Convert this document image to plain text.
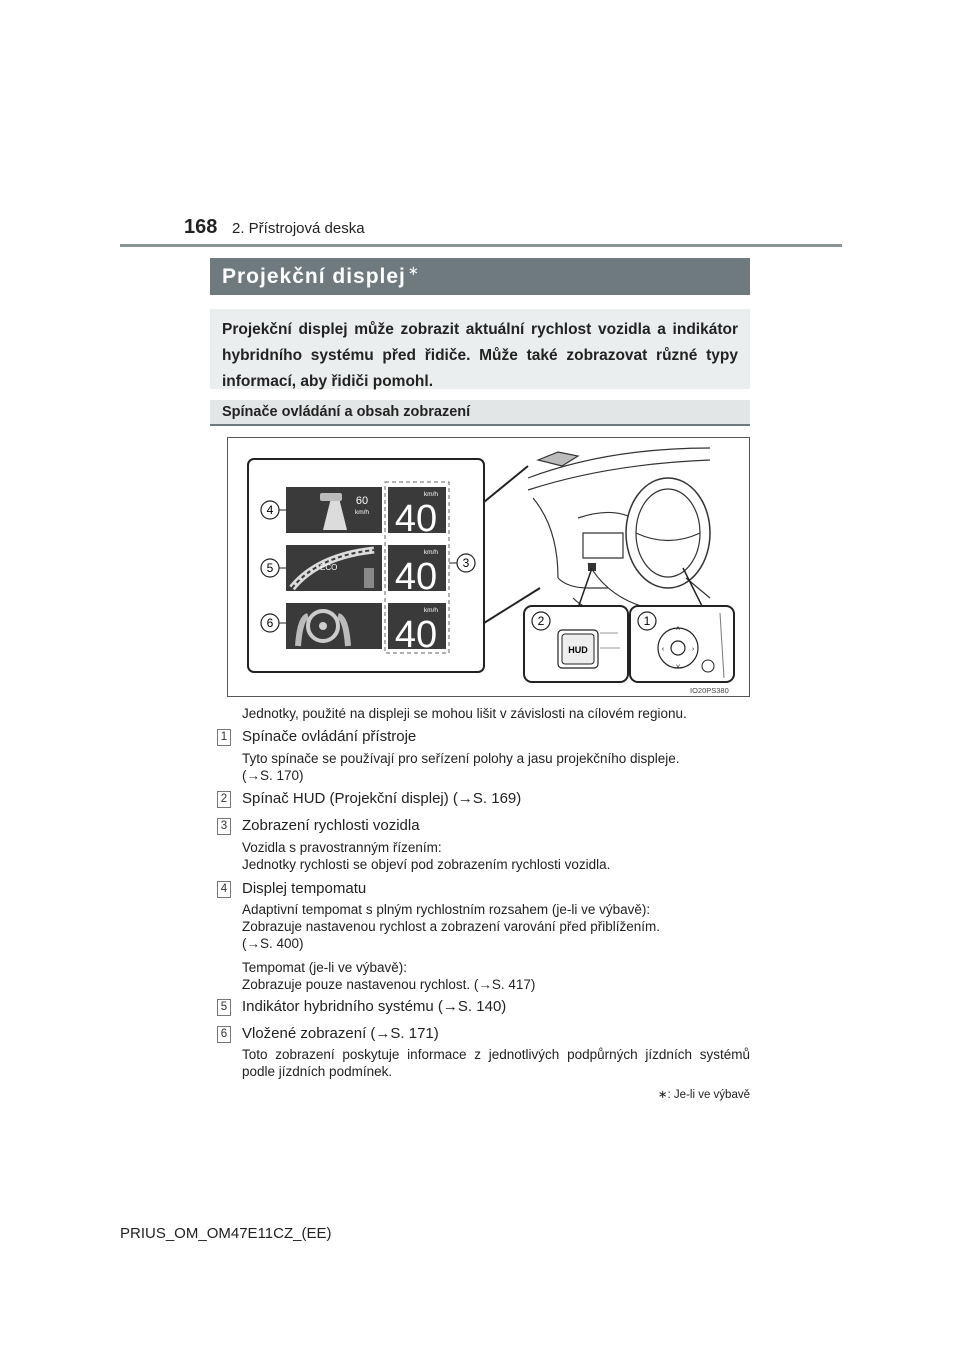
168 2. Přístrojová deska
Projekční displej ∗
Projekční displej může zobrazit aktuální rychlost vozidla a indikátor hybridního systému před řidiče. Může také zobrazovat různé typy informací, aby řidiči pomohl.
Spínače ovládání a obsah zobrazení
60
km/h
km/h
40
ECO
km/h
40
km/h
40
4
5
6
3
2
HUD
1
˄
˅
‹	›
IO20PS380
Jednotky, použité na displeji se mohou lišit v závislosti na cílovém regionu.
1 Spínače ovládání přístroje
Tyto spínače se používají pro seřízení polohy a jasu projekčního displeje.
(→S. 170)
2 Spínač HUD (Projekční displej) (→S. 169)
3 Zobrazení rychlosti vozidla
Vozidla s pravostranným řízením:
Jednotky rychlosti se objeví pod zobrazením rychlosti vozidla.
4 Displej tempomatu
Adaptivní tempomat s plným rychlostním rozsahem (je-li ve výbavě):
Zobrazuje nastavenou rychlost a zobrazení varování před přiblížením.
(→S. 400)
Tempomat (je-li ve výbavě):
Zobrazuje pouze nastavenou rychlost. (→S. 417)
5 Indikátor hybridního systému (→S. 140)
6 Vložené zobrazení (→S. 171)
Toto zobrazení poskytuje informace z jednotlivých podpůrných jízdních systémů podle jízdních podmínek.
∗: Je-li ve výbavě
PRIUS_OM_OM47E11CZ_(EE)
